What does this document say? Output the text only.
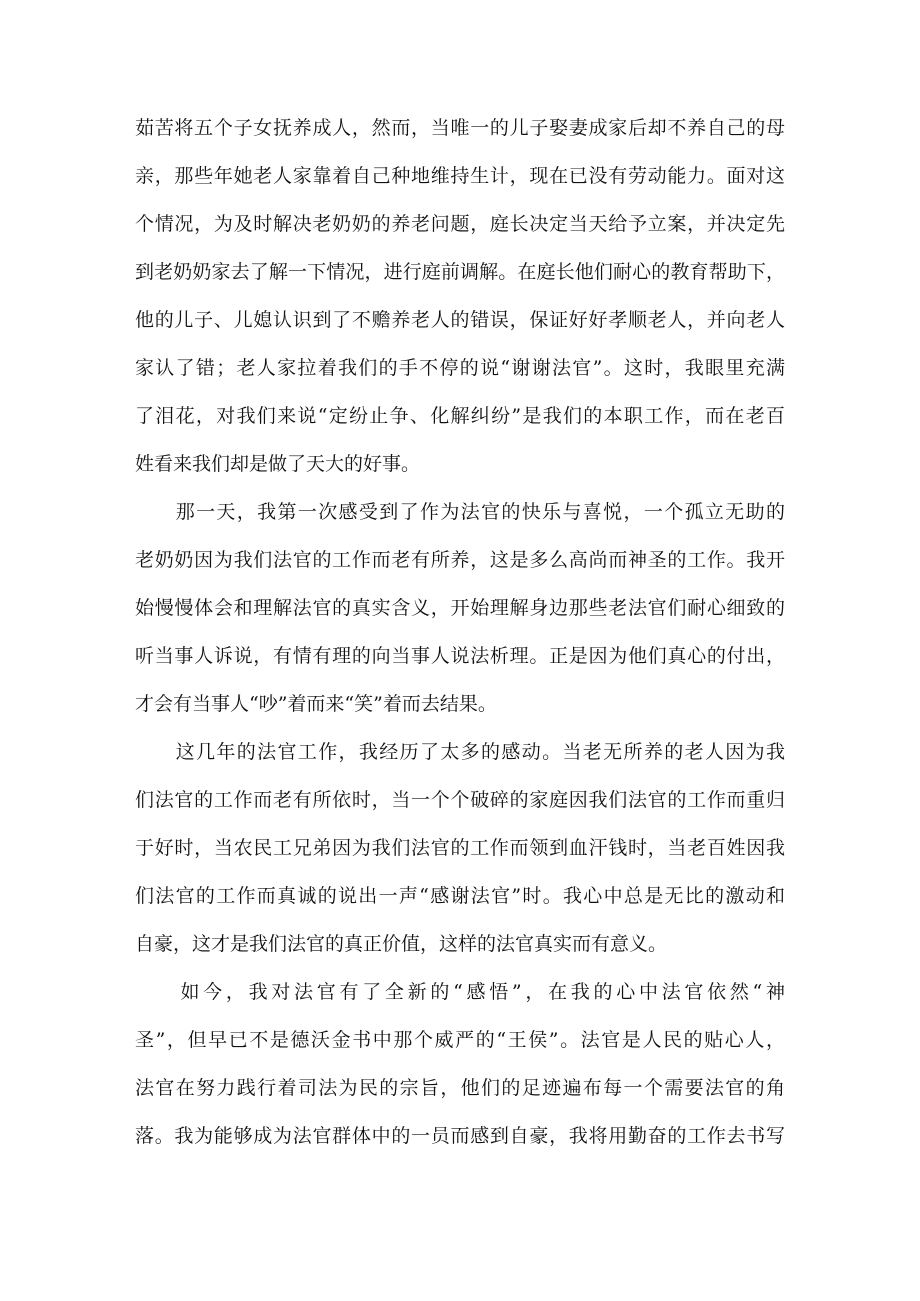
茹苦将五个子女抚养成人，然而，当唯一的儿子娶妻成家后却不养自己的母
亲，那些年她老人家靠着自己种地维持生计，现在已没有劳动能力。面对这
个情况，为及时解决老奶奶的养老问题，庭长决定当天给予立案，并决定先
到老奶奶家去了解一下情况，进行庭前调解。在庭长他们耐心的教育帮助下，
他的儿子、儿媳认识到了不赡养老人的错误，保证好好孝顺老人，并向老人
家认了错；老人家拉着我们的手不停的说“谢谢法官”。这时，我眼里充满
了泪花，对我们来说“定纷止争、化解纠纷”是我们的本职工作，而在老百
姓看来我们却是做了天大的好事。
　　那一天，我第一次感受到了作为法官的快乐与喜悦，一个孤立无助的
老奶奶因为我们法官的工作而老有所养，这是多么高尚而神圣的工作。我开
始慢慢体会和理解法官的真实含义，开始理解身边那些老法官们耐心细致的
听当事人诉说，有情有理的向当事人说法析理。正是因为他们真心的付出，
才会有当事人“吵”着而来“笑”着而去结果。
　　这几年的法官工作，我经历了太多的感动。当老无所养的老人因为我
们法官的工作而老有所依时，当一个个破碎的家庭因我们法官的工作而重归
于好时，当农民工兄弟因为我们法官的工作而领到血汗钱时，当老百姓因我
们法官的工作而真诚的说出一声“感谢法官”时。我心中总是无比的激动和
自豪，这才是我们法官的真正价值，这样的法官真实而有意义。
　　如今，我对法官有了全新的“感悟”，在我的心中法官依然“神
圣”，但早已不是德沃金书中那个威严的“王侯”。法官是人民的贴心人，
法官在努力践行着司法为民的宗旨，他们的足迹遍布每一个需要法官的角
落。我为能够成为法官群体中的一员而感到自豪，我将用勤奋的工作去书写
